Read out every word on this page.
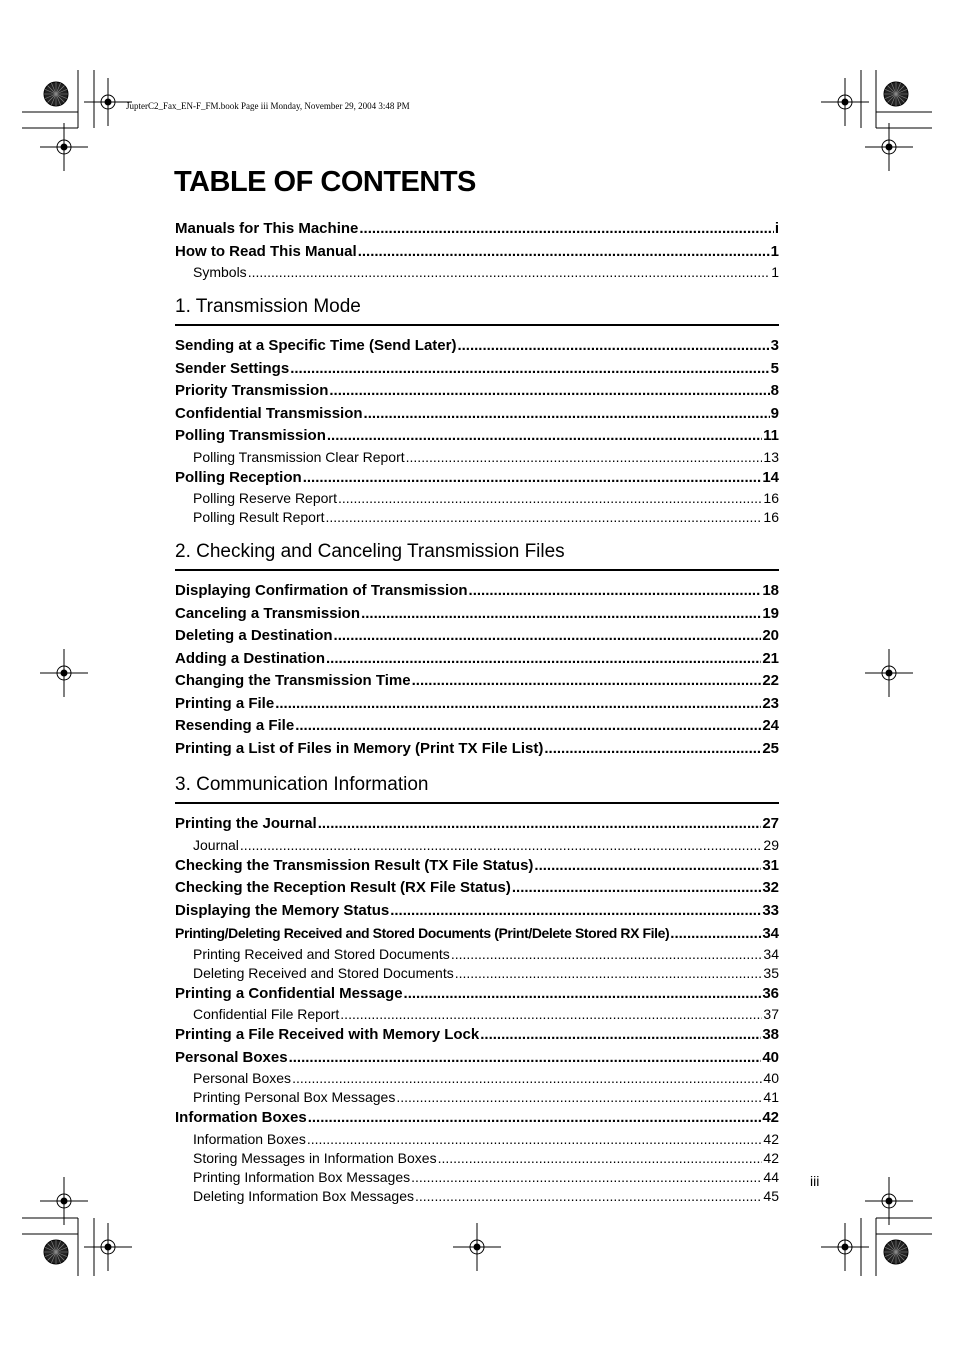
JupterC2_Fax_EN-F_FM.book Page iii Monday, November 29, 2004 3:48 PM
TABLE OF CONTENTS
Manuals for This Machine .....	i
How to Read This Manual .....	1
Symbols .....	1
1. Transmission Mode
Sending at a Specific Time (Send Later) .....	3
Sender Settings .....	5
Priority Transmission .....	8
Confidential Transmission .....	9
Polling Transmission .....	11
Polling Transmission Clear Report .....	13
Polling Reception .....	14
Polling Reserve Report .....	16
Polling Result Report .....	16
2. Checking and Canceling Transmission Files
Displaying Confirmation of Transmission .....	18
Canceling a Transmission .....	19
Deleting a Destination .....	20
Adding a Destination .....	21
Changing the Transmission Time .....	22
Printing a File .....	23
Resending a File .....	24
Printing a List of Files in Memory (Print TX File List) .....	25
3. Communication Information
Printing the Journal .....	27
Journal .....	29
Checking the Transmission Result (TX File Status) .....	31
Checking the Reception Result (RX File Status) .....	32
Displaying the Memory Status .....	33
Printing/Deleting Received and Stored Documents (Print/Delete Stored RX File) .....	34
Printing Received and Stored Documents .....	34
Deleting Received and Stored Documents .....	35
Printing a Confidential Message .....	36
Confidential File Report .....	37
Printing a File Received with Memory Lock .....	38
Personal Boxes .....	40
Personal Boxes .....	40
Printing Personal Box Messages .....	41
Information Boxes .....	42
Information Boxes .....	42
Storing Messages in Information Boxes .....	42
Printing Information Box Messages .....	44
Deleting Information Box Messages .....	45
iii
